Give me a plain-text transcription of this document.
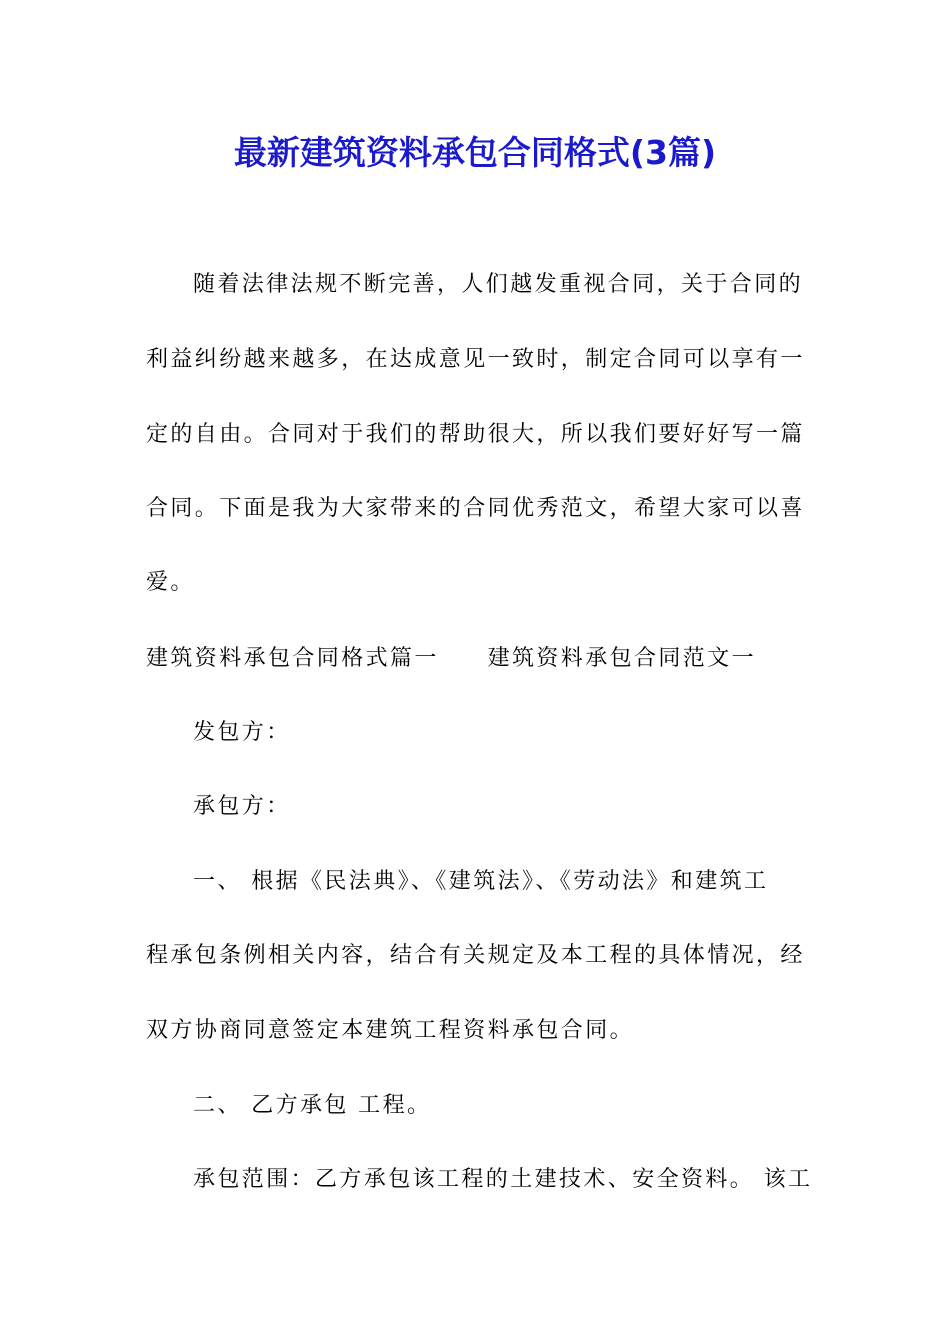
最新建筑资料承包合同格式(3篇)
随着法律法规不断完善，人们越发重视合同，关于合同的
利益纠纷越来越多，在达成意见一致时，制定合同可以享有一
定的自由。合同对于我们的帮助很大，所以我们要好好写一篇
合同。下面是我为大家带来的合同优秀范文，希望大家可以喜
爱。
建筑资料承包合同格式篇一　　建筑资料承包合同范文一
发包方：
承包方：
一、 根据《民法典》、《建筑法》、《劳动法》和建筑工
程承包条例相关内容，结合有关规定及本工程的具体情况，经
双方协商同意签定本建筑工程资料承包合同。
二、 乙方承包 工程。
承包范围：乙方承包该工程的土建技术、安全资料。 该工
